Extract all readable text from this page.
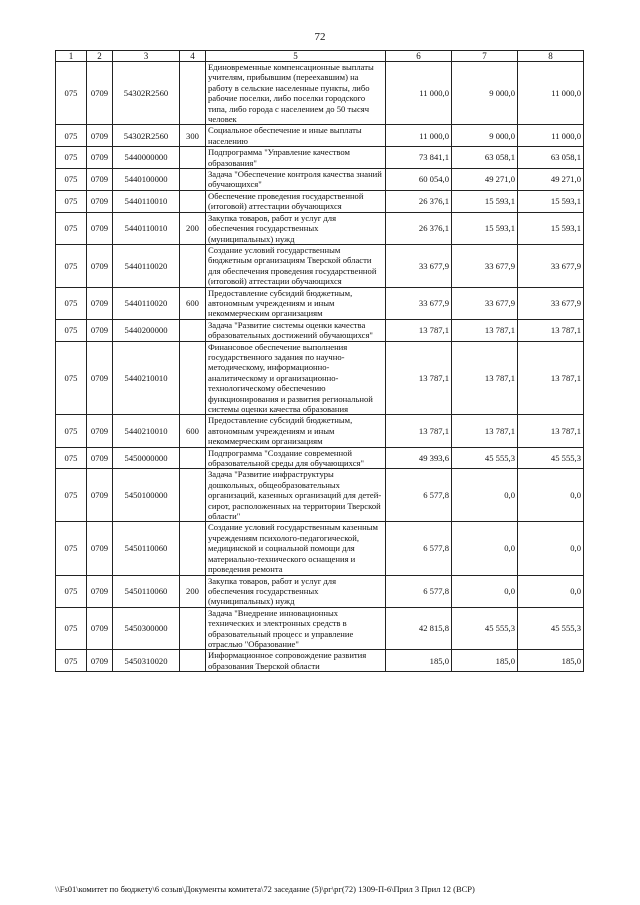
72
1	2	3	4	5	6	7	8
075	0709	54302R2560		Единовременные компенсационные выплаты учителям, прибывшим (переехавшим) на работу в сельские населенные пункты, либо рабочие поселки, либо поселки городского типа, либо города с населением до 50 тысяч человек	11 000,0	9 000,0	11 000,0
075	0709	54302R2560	300	Социальное обеспечение и иные выплаты населению	11 000,0	9 000,0	11 000,0
075	0709	5440000000		Подпрограмма "Управление качеством образования"	73 841,1	63 058,1	63 058,1
075	0709	5440100000		Задача "Обеспечение контроля качества знаний обучающихся"	60 054,0	49 271,0	49 271,0
075	0709	5440110010		Обеспечение проведения государственной (итоговой) аттестации обучающихся	26 376,1	15 593,1	15 593,1
075	0709	5440110010	200	Закупка товаров, работ и услуг для обеспечения государственных (муниципальных) нужд	26 376,1	15 593,1	15 593,1
075	0709	5440110020		Создание условий государственным бюджетным организациям Тверской области для обеспечения проведения государственной (итоговой) аттестации обучающихся	33 677,9	33 677,9	33 677,9
075	0709	5440110020	600	Предоставление субсидий бюджетным, автономным учреждениям и иным некоммерческим организациям	33 677,9	33 677,9	33 677,9
075	0709	5440200000		Задача "Развитие системы оценки качества образовательных достижений обучающихся"	13 787,1	13 787,1	13 787,1
075	0709	5440210010		Финансовое обеспечение выполнения государственного задания по научно-методическому, информационно-аналитическому и организационно-технологическому обеспечению функционирования и развития региональной системы оценки качества образования	13 787,1	13 787,1	13 787,1
075	0709	5440210010	600	Предоставление субсидий бюджетным, автономным учреждениям и иным некоммерческим организациям	13 787,1	13 787,1	13 787,1
075	0709	5450000000		Подпрограмма "Создание современной образовательной среды для обучающихся"	49 393,6	45 555,3	45 555,3
075	0709	5450100000		Задача "Развитие инфраструктуры дошкольных, общеобразовательных организаций, казенных организаций для детей-сирот, расположенных на территории Тверской области"	6 577,8	0,0	0,0
075	0709	5450110060		Создание условий государственным казенным учреждениям психолого-педагогической, медицинской и социальной помощи для материально-технического оснащения и проведения ремонта	6 577,8	0,0	0,0
075	0709	5450110060	200	Закупка товаров, работ и услуг для обеспечения государственных (муниципальных) нужд	6 577,8	0,0	0,0
075	0709	5450300000		Задача "Внедрение инновационных технических и электронных средств в образовательный процесс и управление отраслью "Образование"	42 815,8	45 555,3	45 555,3
075	0709	5450310020		Информационное сопровождение развития образования Тверской области	185,0	185,0	185,0
\\Fs01\комитет по бюджету\6 созыв\Документы комитета\72 заседание (5)\рг\рг(72) 1309-П-6\Прил 3 Прил 12 (ВСР)
